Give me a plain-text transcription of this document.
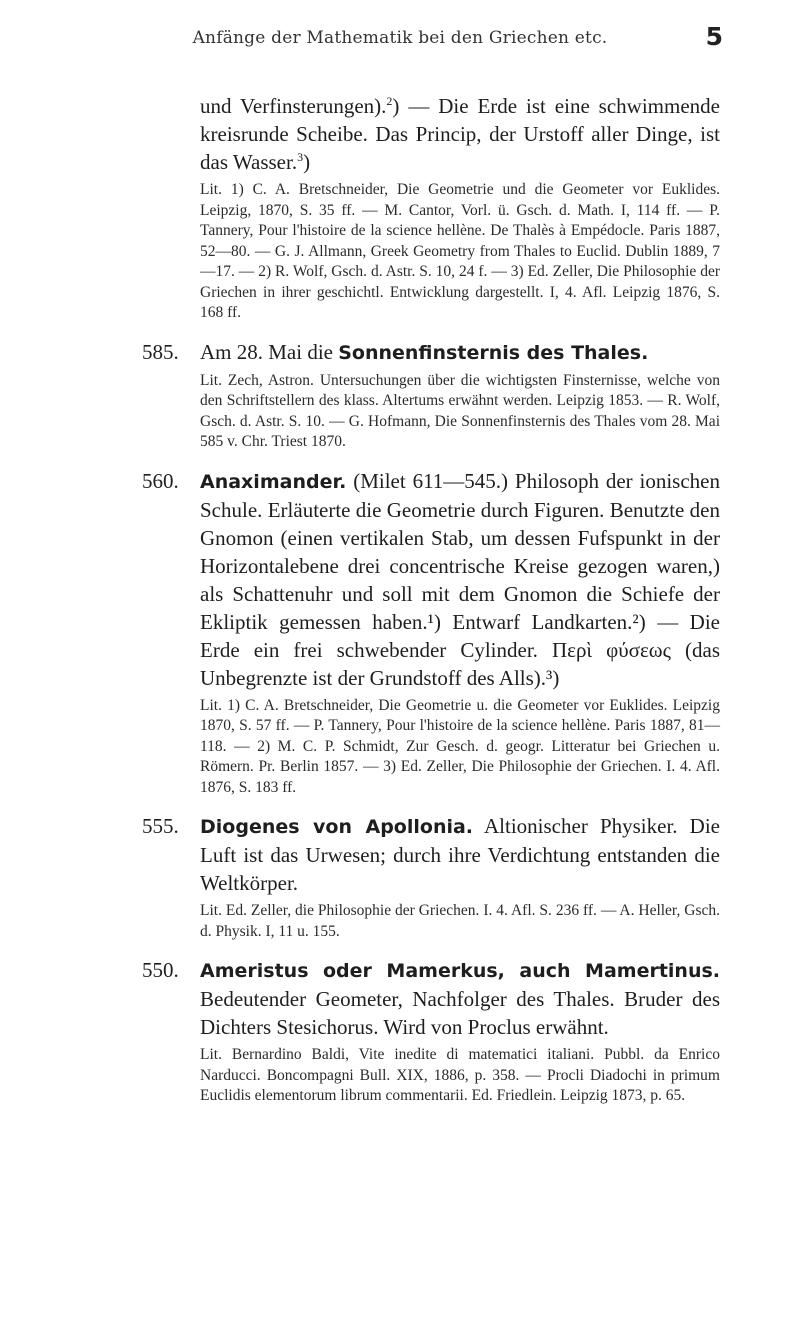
Anfänge der Mathematik bei den Griechen etc.	5
und Verfinsterungen).$^2$) — Die Erde ist eine schwimmende kreisrunde Scheibe. Das Princip, der Urstoff aller Dinge, ist das Wasser.$^3$)
Lit. 1) C. A. Bretschneider, Die Geometrie und die Geometer vor Euklides. Leipzig, 1870, S. 35 ff. — M. Cantor, Vorl. ü. Gsch. d. Math. I, 114 ff. — P. Tannery, Pour l'histoire de la science hellène. De Thalès à Empédocle. Paris 1887, 52—80. — G. J. Allmann, Greek Geometry from Thales to Euclid. Dublin 1889, 7—17. — 2) R. Wolf, Gsch. d. Astr. S. 10, 24 f. — 3) Ed. Zeller, Die Philosophie der Griechen in ihrer geschichtl. Entwicklung dargestellt. I, 4. Afl. Leipzig 1876, S. 168 ff.
585. Am 28. Mai die Sonnenfinsternis des Thales.
Lit. Zech, Astron. Untersuchungen über die wichtigsten Finsternisse, welche von den Schriftstellern des klass. Altertums erwähnt werden. Leipzig 1853. — R. Wolf, Gsch. d. Astr. S. 10. — G. Hofmann, Die Sonnenfinsternis des Thales vom 28. Mai 585 v. Chr. Triest 1870.
560. Anaximander. (Milet 611—545.) Philosoph der ionischen Schule. Erläuterte die Geometrie durch Figuren. Benutzte den Gnomon (einen vertikalen Stab, um dessen Fufspunkt in der Horizontalebene drei concentrische Kreise gezogen waren,) als Schattenuhr und soll mit dem Gnomon die Schiefe der Ekliptik gemessen haben.¹) Entwarf Landkarten.²) — Die Erde ein frei schwebender Cylinder. Περὶ φύσεως (das Unbegrenzte ist der Grundstoff des Alls).³)
Lit. 1) C. A. Bretschneider, Die Geometrie u. die Geometer vor Euklides. Leipzig 1870, S. 57 ff. — P. Tannery, Pour l'histoire de la science hellène. Paris 1887, 81—118. — 2) M. C. P. Schmidt, Zur Gesch. d. geogr. Litteratur bei Griechen u. Römern. Pr. Berlin 1857. — 3) Ed. Zeller, Die Philosophie der Griechen. I. 4. Afl. 1876, S. 183 ff.
555. Diogenes von Apollonia. Altionischer Physiker. Die Luft ist das Urwesen; durch ihre Verdichtung entstanden die Weltkörper.
Lit. Ed. Zeller, die Philosophie der Griechen. I. 4. Afl. S. 236 ff. — A. Heller, Gsch. d. Physik. I, 11 u. 155.
550. Ameristus oder Mamerkus, auch Mamertinus. Bedeutender Geometer, Nachfolger des Thales. Bruder des Dichters Stesichorus. Wird von Proclus erwähnt.
Lit. Bernardino Baldi, Vite inedite di matematici italiani. Pubbl. da Enrico Narducci. Boncompagni Bull. XIX, 1886, p. 358. — Procli Diadochi in primum Euclidis elementorum librum commentarii. Ed. Friedlein. Leipzig 1873, p. 65.
